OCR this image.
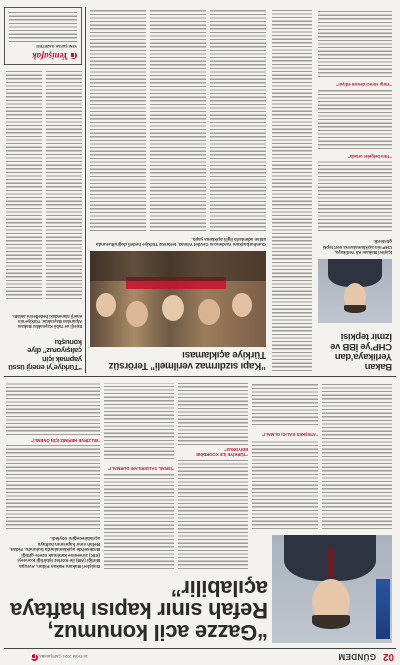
02
GÜNDEM
16 EKİM 2024 ÇARŞAMBA
“Gazze acil konumuz, Refah sınır kapısı haftaya açılabilir”
Dışişleri Bakanı Hakan Fidan, Avrupa Birliği (AB) ile Körfez İşbirliği Konseyi (KİK) zirvesine katılmak üzere gittiği Brüksel’de açıklamalarda bulundu. Fidan, Refah sınır kapısının haftaya açılabileceğini söyledi.
“BU ZİRVE HEPİMİZ İÇİN ÖNEMLİ”
“İSRAİL SALDIRILARI DURMALI”
“TÜRKİYE İLE KOORDİNE EDİYORUZ”
“ATEŞKES KALICI OLMALI”
Bakan Yerlikaya’dan CHP’ye İBB ve İzmir tepkisi
İçişleri Bakanı Ali Yerlikaya, CHP’nin açıklamalarına sert tepki gösterdi.
“Tüm belgeler ortada”
“Yargı süreci devam ediyor”
“Kapı sızdırmaz verilmeli” Terörsüz Türkiye açıklaması
Cumhurbaşkanı Yardımcısı Cevdet Yılmaz, terörsüz Türkiye hedefi doğrultusunda atılan adımlarla ilgili açıklama yaptı.
“Türkiye’yi enerji üssü yapmak için çalışıyoruz” diye konuştu
Enerji ve Tabii Kaynaklar Bakanı Alparslan Bayraktar, Türkiye’nin enerji alanındaki hedeflerini anlattı.
Yenişafak
YENİ ŞAFAK GAZETESİ
